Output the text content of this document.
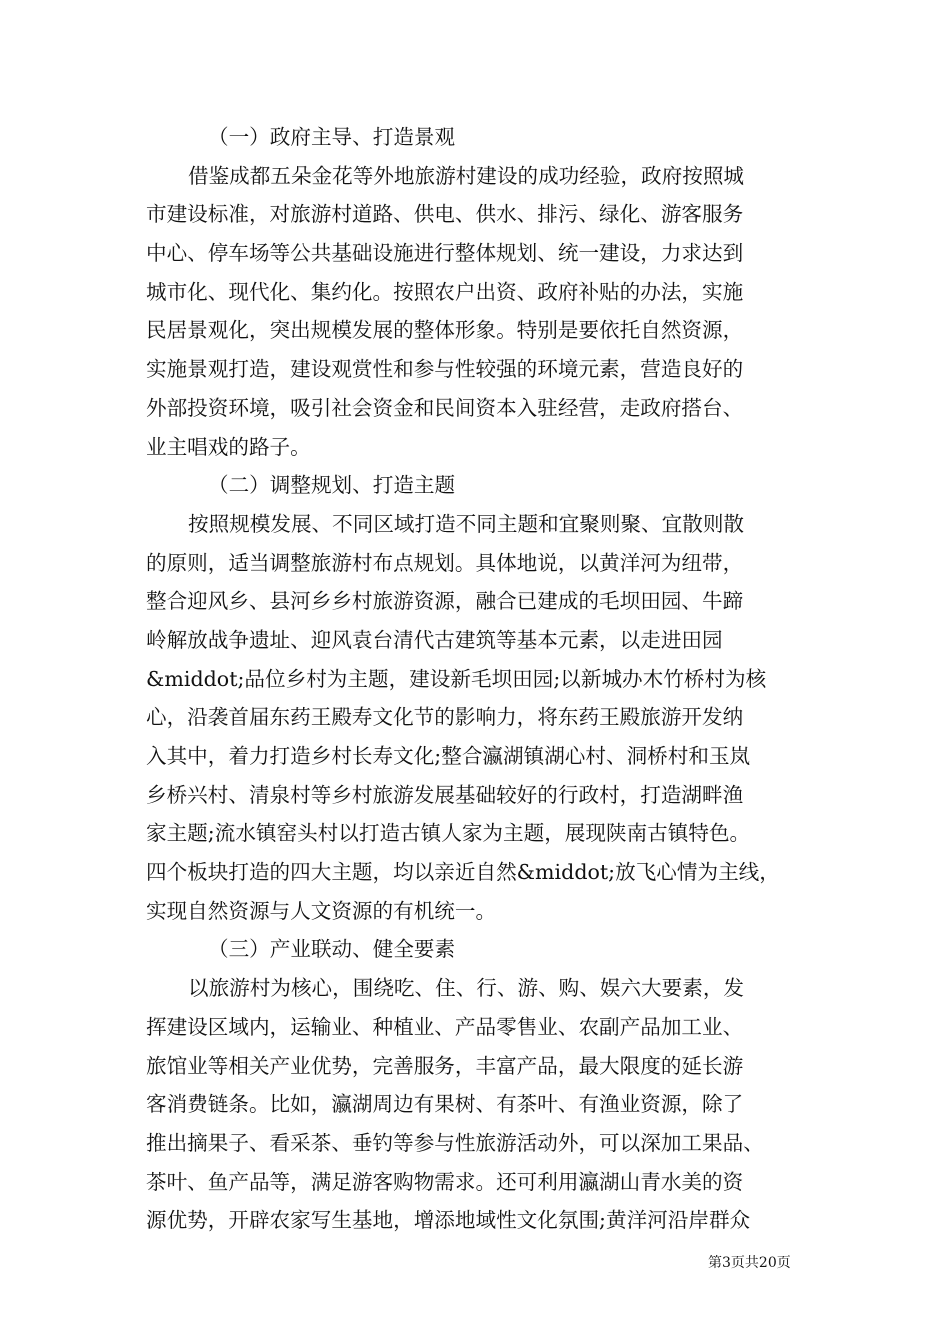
（一）政府主导、打造景观
借鉴成都五朵金花等外地旅游村建设的成功经验，政府按照城
市建设标准，对旅游村道路、供电、供水、排污、绿化、游客服务
中心、停车场等公共基础设施进行整体规划、统一建设，力求达到
城市化、现代化、集约化。按照农户出资、政府补贴的办法，实施
民居景观化，突出规模发展的整体形象。特别是要依托自然资源，
实施景观打造，建设观赏性和参与性较强的环境元素，营造良好的
外部投资环境，吸引社会资金和民间资本入驻经营，走政府搭台、
业主唱戏的路子。
（二）调整规划、打造主题
按照规模发展、不同区域打造不同主题和宜聚则聚、宜散则散
的原则，适当调整旅游村布点规划。具体地说，以黄洋河为纽带，
整合迎风乡、县河乡乡村旅游资源，融合已建成的毛坝田园、牛蹄
岭解放战争遗址、迎风袁台清代古建筑等基本元素，以走进田园
&middot;品位乡村为主题，建设新毛坝田园;以新城办木竹桥村为核
心，沿袭首届东药王殿寿文化节的影响力，将东药王殿旅游开发纳
入其中，着力打造乡村长寿文化;整合瀛湖镇湖心村、洞桥村和玉岚
乡桥兴村、清泉村等乡村旅游发展基础较好的行政村，打造湖畔渔
家主题;流水镇窑头村以打造古镇人家为主题，展现陕南古镇特色。
四个板块打造的四大主题，均以亲近自然&middot;放飞心情为主线，
实现自然资源与人文资源的有机统一。
（三）产业联动、健全要素
以旅游村为核心，围绕吃、住、行、游、购、娱六大要素，发
挥建设区域内，运输业、种植业、产品零售业、农副产品加工业、
旅馆业等相关产业优势，完善服务，丰富产品，最大限度的延长游
客消费链条。比如，瀛湖周边有果树、有茶叶、有渔业资源，除了
推出摘果子、看采茶、垂钓等参与性旅游活动外，可以深加工果品、
茶叶、鱼产品等，满足游客购物需求。还可利用瀛湖山青水美的资
源优势，开辟农家写生基地，增添地域性文化氛围;黄洋河沿岸群众
第3页共20页
